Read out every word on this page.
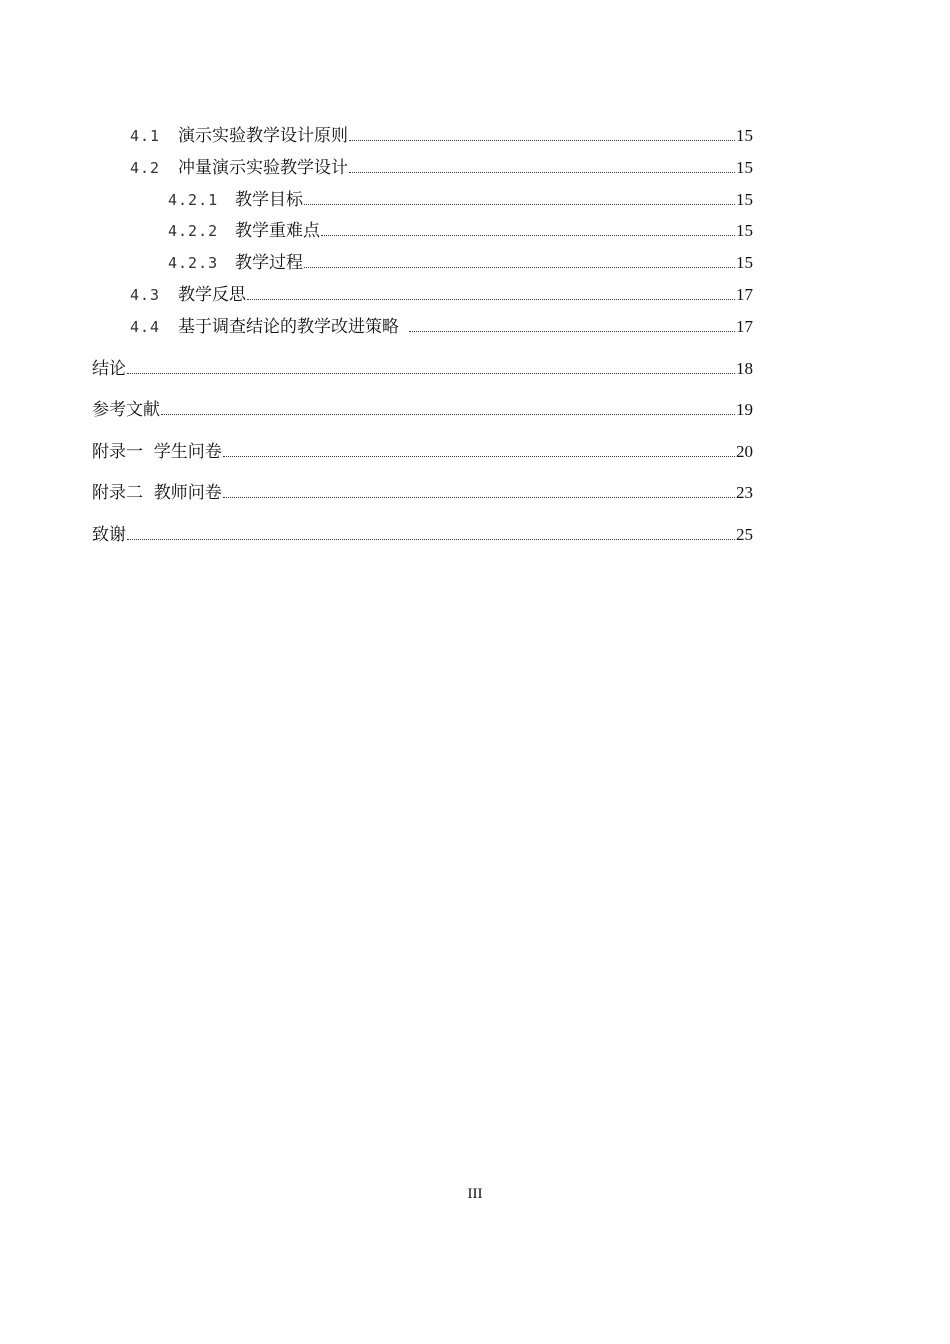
4.1	演示实验教学设计原则	15
4.2	冲量演示实验教学设计	15
4.2.1 教学目标	15
4.2.2 教学重难点	15
4.2.3 教学过程	15
4.3	教学反思	17
4.4	基于调查结论的教学改进策略	17
结论	18
参考文献	19
附录一  学生问卷	20
附录二  教师问卷	23
致谢	25
III
